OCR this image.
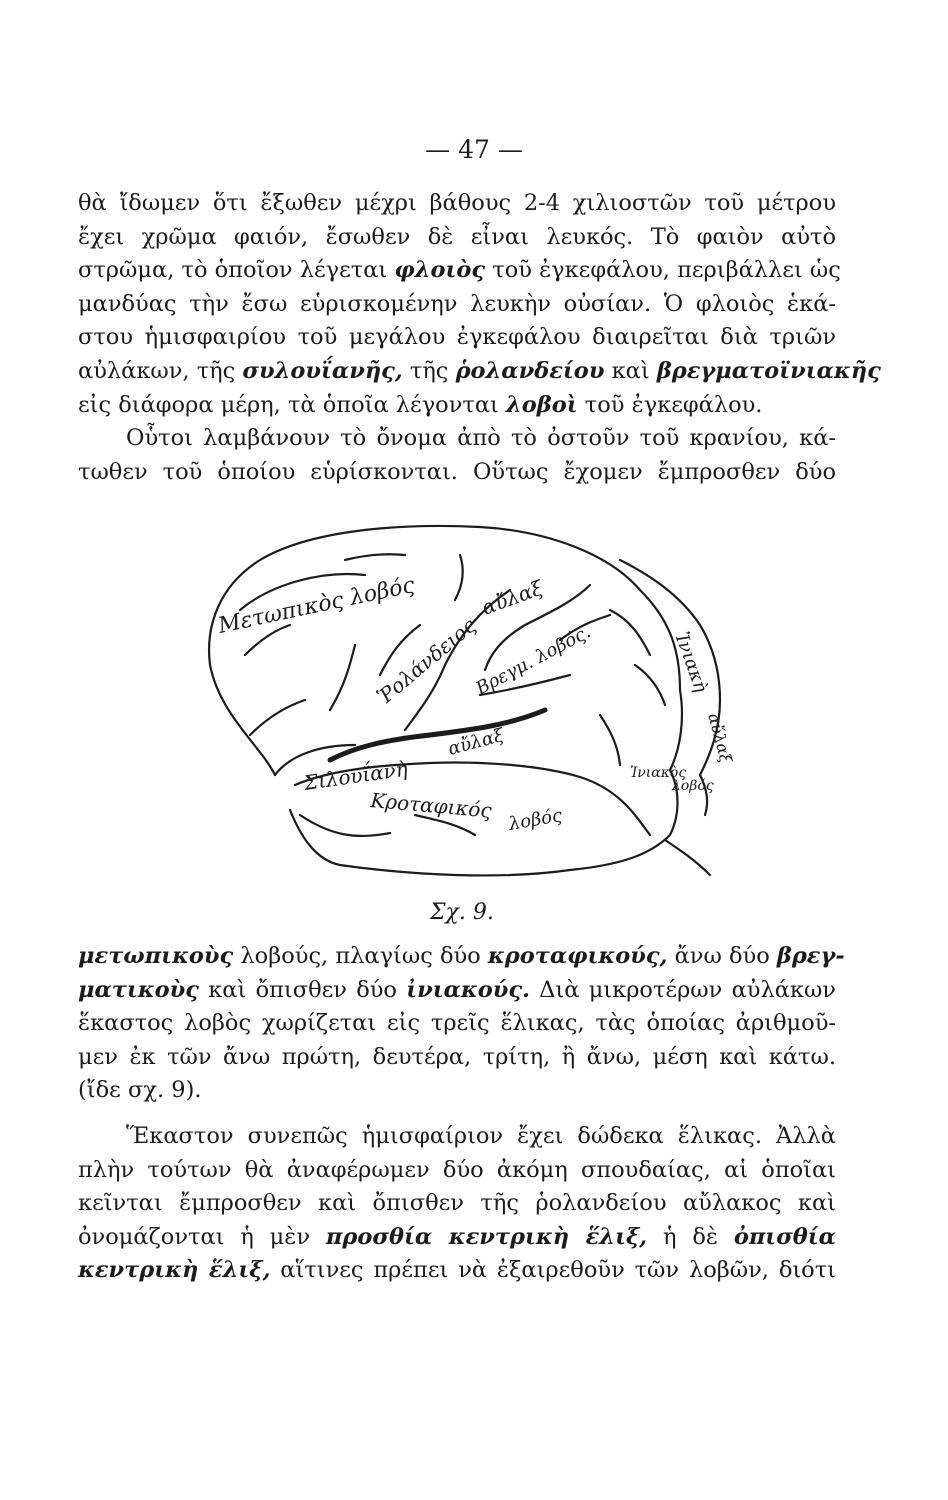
— 47 —
θὰ ἴδωμεν ὅτι ἔξωθεν μέχρι βάθους 2-4 χιλιοστῶν τοῦ μέτρου
ἔχει χρῶμα φαιόν, ἔσωθεν δὲ εἶναι λευκός. Τὸ φαιὸν αὐτὸ
στρῶμα, τὸ ὁποῖον λέγεται φλοιὸς τοῦ ἐγκεφάλου, περιβάλλει ὡς
μανδύας τὴν ἔσω εὑρισκομένην λευκὴν οὐσίαν. Ὁ φλοιὸς ἑκά-
στου ἡμισφαιρίου τοῦ μεγάλου ἐγκεφάλου διαιρεῖται διὰ τριῶν
αὐλάκων, τῆς συλουΐανῆς, τῆς ῥολανδείου καὶ βρεγματοϊνιακῆς
εἰς διάφορα μέρη, τὰ ὁποῖα λέγονται λοβοὶ τοῦ ἐγκεφάλου.
Οὗτοι λαμβάνουν τὸ ὄνομα ἀπὸ τὸ ὀστοῦν τοῦ κρανίου, κά-
τωθεν τοῦ ὁποίου εὑρίσκονται. Οὕτως ἔχομεν ἔμπροσθεν δύο
Μετωπικὸς λοβός
Ῥολάνδειος
αὔλαξ
Βρεγμ. λοβός.	Ἰνιακὴ
αὔλαξ
Σιλουΐανὴ
αὔλαξ
Κροταφικός λοβός
Ἰνιακὸς
λοβός
Σχ. 9.
μετωπικοὺς λοβούς, πλαγίως δύο κροταφικούς, ἄνω δύο βρεγ-
ματικοὺς καὶ ὄπισθεν δύο ἰνιακούς. Διὰ μικροτέρων αὐλάκων
ἕκαστος λοβὸς χωρίζεται εἰς τρεῖς ἕλικας, τὰς ὁποίας ἀριθμοῦ-
μεν ἐκ τῶν ἄνω πρώτη, δευτέρα, τρίτη, ἢ ἄνω, μέση καὶ κάτω.
(ἴδε σχ. 9).
Ἕκαστον συνεπῶς ἡμισφαίριον ἔχει δώδεκα ἕλικας. Ἀλλὰ
πλὴν τούτων θὰ ἀναφέρωμεν δύο ἀκόμη σπουδαίας, αἱ ὁποῖαι
κεῖνται ἔμπροσθεν καὶ ὄπισθεν τῆς ῥολανδείου αὔλακος καὶ
ὀνομάζονται ἡ μὲν προσθία κεντρικὴ ἕλιξ, ἡ δὲ ὀπισθία
κεντρικὴ ἕλιξ, αἵτινες πρέπει νὰ ἐξαιρεθοῦν τῶν λοβῶν, διότι
